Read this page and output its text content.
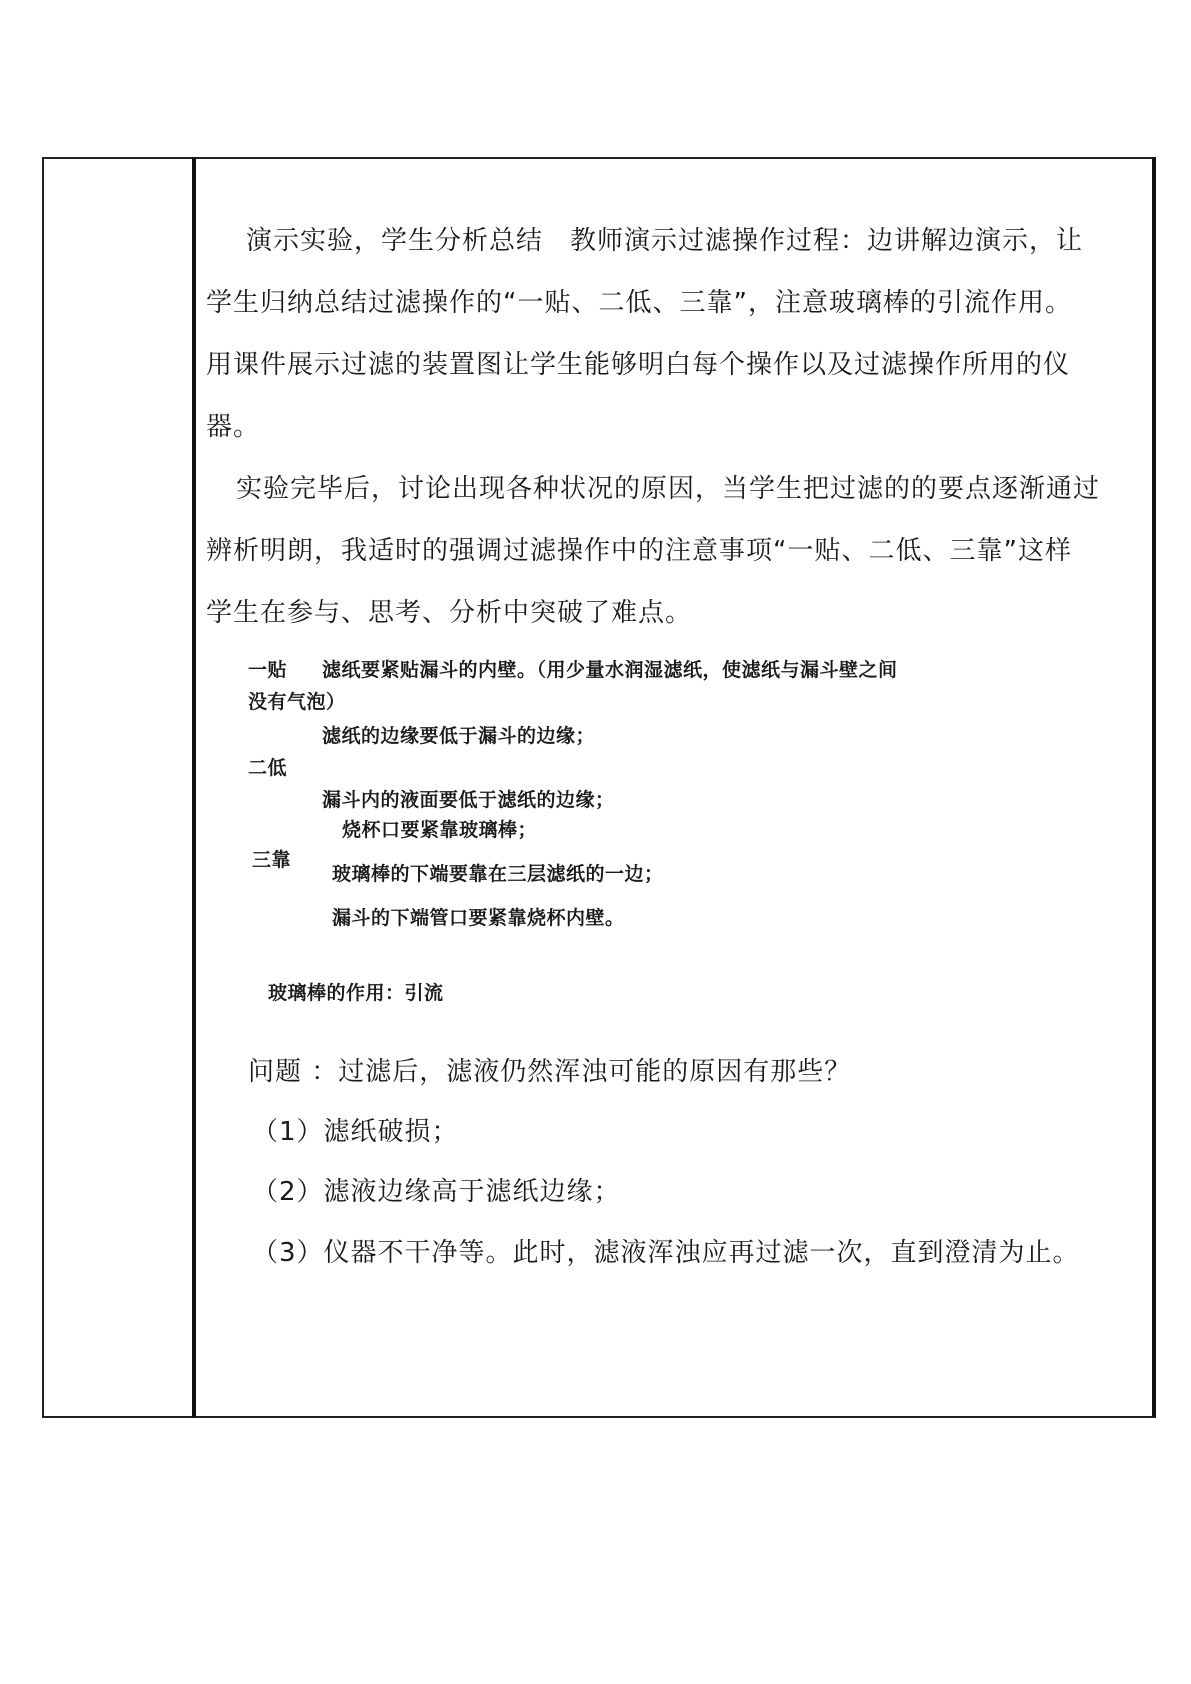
演示实验，学生分析总结　教师演示过滤操作过程：边讲解边演示，让
学生归纳总结过滤操作的“一贴、二低、三靠”，注意玻璃棒的引流作用。
用课件展示过滤的装置图让学生能够明白每个操作以及过滤操作所用的仪
器。
实验完毕后，讨论出现各种状况的原因，当学生把过滤的的要点逐渐通过
辨析明朗，我适时的强调过滤操作中的注意事项“一贴、二低、三靠”这样
学生在参与、思考、分析中突破了难点。
一贴 滤纸要紧贴漏斗的内壁。（用少量水润湿滤纸，使滤纸与漏斗壁之间
没有气泡）
滤纸的边缘要低于漏斗的边缘；
二低
漏斗内的液面要低于滤纸的边缘；
烧杯口要紧靠玻璃棒；
三靠
玻璃棒的下端要靠在三层滤纸的一边；
漏斗的下端管口要紧靠烧杯内壁。
玻璃棒的作用：引流
问题 ：过滤后，滤液仍然浑浊可能的原因有那些？
（1）滤纸破损；
（2）滤液边缘高于滤纸边缘；
（3）仪器不干净等。此时，滤液浑浊应再过滤一次，直到澄清为止。
